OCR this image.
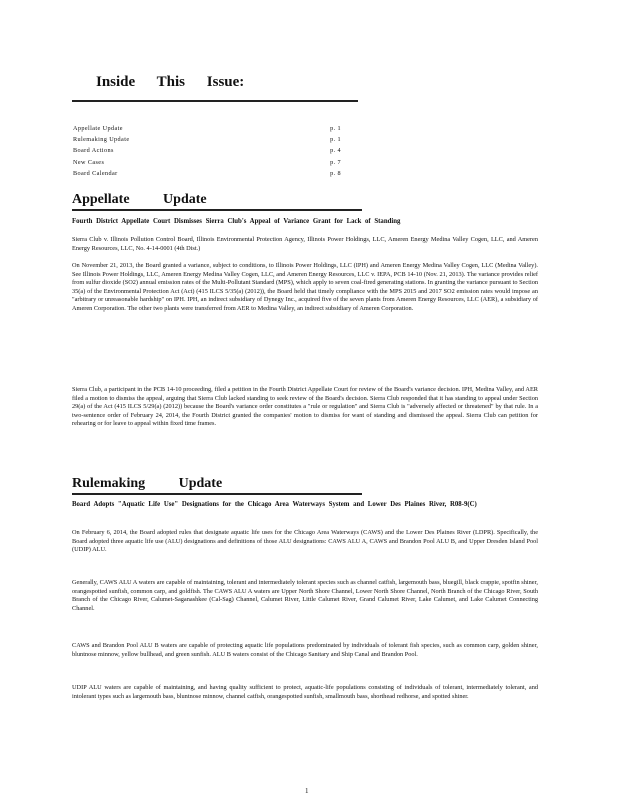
Inside This Issue:
Appellate Update	p. 1
Rulemaking Update	p. 1
Board Actions	p. 4
New Cases	p. 7
Board Calendar	p. 8
Appellate Update
Fourth District Appellate Court Dismisses Sierra Club's Appeal of Variance Grant for Lack of Standing
Sierra Club v. Illinois Pollution Control Board, Illinois Environmental Protection Agency, Illinois Power Holdings, LLC, Ameren Energy Medina Valley Cogen, LLC, and Ameren Energy Resources, LLC, No. 4-14-0001 (4th Dist.)
On November 21, 2013, the Board granted a variance, subject to conditions, to Illinois Power Holdings, LLC (IPH) and Ameren Energy Medina Valley Cogen, LLC (Medina Valley). See Illinois Power Holdings, LLC, Ameren Energy Medina Valley Cogen, LLC, and Ameren Energy Resources, LLC v. IEPA, PCB 14-10 (Nov. 21, 2013). The variance provides relief from sulfur dioxide (SO2) annual emission rates of the Multi-Pollutant Standard (MPS), which apply to seven coal-fired generating stations. In granting the variance pursuant to Section 35(a) of the Environmental Protection Act (Act) (415 ILCS 5/35(a) (2012)), the Board held that timely compliance with the MPS 2015 and 2017 SO2 emission rates would impose an "arbitrary or unreasonable hardship" on IPH. IPH, an indirect subsidiary of Dynegy Inc., acquired five of the seven plants from Ameren Energy Resources, LLC (AER), a subsidiary of Ameren Corporation. The other two plants were transferred from AER to Medina Valley, an indirect subsidiary of Ameren Corporation.
Sierra Club, a participant in the PCB 14-10 proceeding, filed a petition in the Fourth District Appellate Court for review of the Board's variance decision. IPH, Medina Valley, and AER filed a motion to dismiss the appeal, arguing that Sierra Club lacked standing to seek review of the Board's decision. Sierra Club responded that it has standing to appeal under Section 29(a) of the Act (415 ILCS 5/29(a) (2012)) because the Board's variance order constitutes a "rule or regulation" and Sierra Club is "adversely affected or threatened" by that rule. In a two-sentence order of February 24, 2014, the Fourth District granted the companies' motion to dismiss for want of standing and dismissed the appeal. Sierra Club can petition for rehearing or for leave to appeal within fixed time frames.
Rulemaking Update
Board Adopts "Aquatic Life Use" Designations for the Chicago Area Waterways System and Lower Des Plaines River, R08-9(C)
On February 6, 2014, the Board adopted rules that designate aquatic life uses for the Chicago Area Waterways (CAWS) and the Lower Des Plaines River (LDPR). Specifically, the Board adopted three aquatic life use (ALU) designations and definitions of those ALU designations: CAWS ALU A, CAWS and Brandon Pool ALU B, and Upper Dresden Island Pool (UDIP) ALU.
Generally, CAWS ALU A waters are capable of maintaining, tolerant and intermediately tolerant species such as channel catfish, largemouth bass, bluegill, black crappie, spotfin shiner, orangespotted sunfish, common carp, and goldfish. The CAWS ALU A waters are Upper North Shore Channel, Lower North Shore Channel, North Branch of the Chicago River, South Branch of the Chicago River, Calumet-Saganashkee (Cal-Sag) Channel, Calumet River, Little Calumet River, Grand Calumet River, Lake Calumet, and Lake Calumet Connecting Channel.
CAWS and Brandon Pool ALU B waters are capable of protecting aquatic life populations predominated by individuals of tolerant fish species, such as common carp, golden shiner, bluntnose minnow, yellow bullhead, and green sunfish. ALU B waters consist of the Chicago Sanitary and Ship Canal and Brandon Pool.
UDIP ALU waters are capable of maintaining, and having quality sufficient to protect, aquatic-life populations consisting of individuals of tolerant, intermediately tolerant, and intolerant types such as largemouth bass, bluntnose minnow, channel catfish, orangespotted sunfish, smallmouth bass, shorthead redhorse, and spotted shiner.
1
